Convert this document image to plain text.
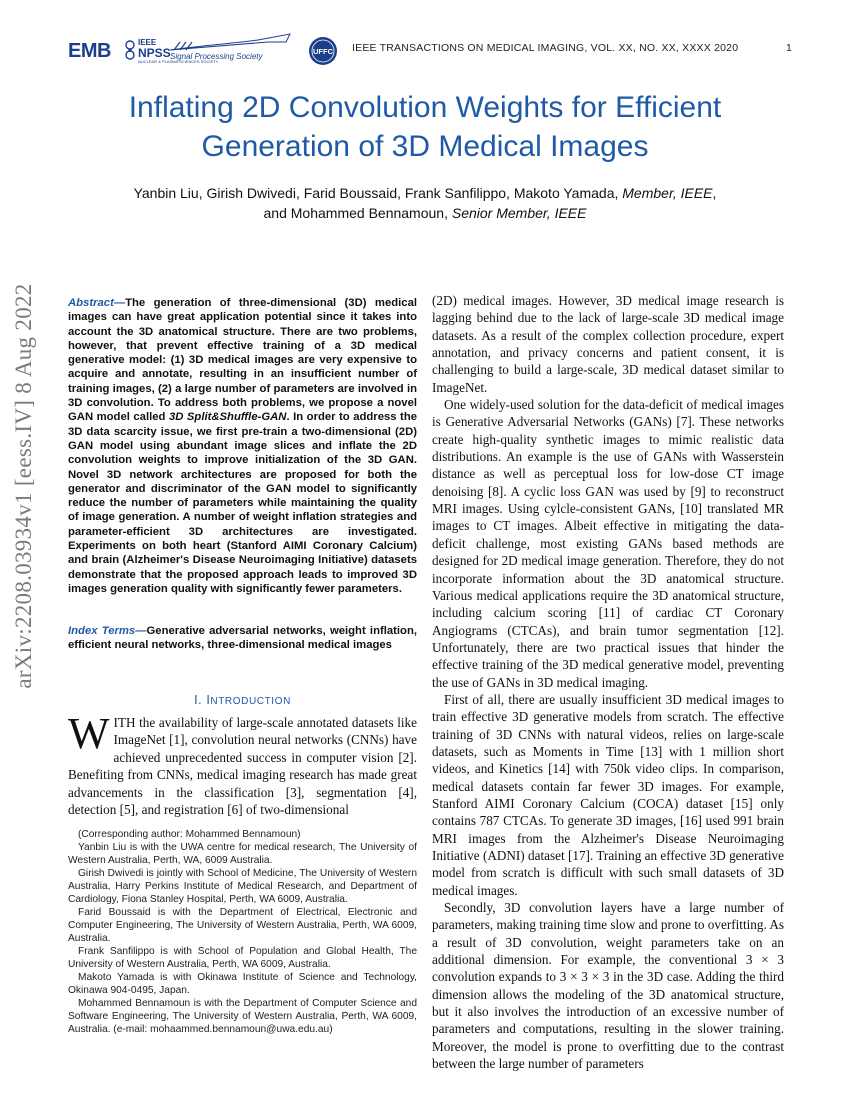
EMB	IEEE
NPSS
NUCLEAR & PLASMA SCIENCES SOCIETY
Signal Processing Society
UFFC IEEE TRANSACTIONS ON MEDICAL IMAGING, VOL. XX, NO. XX, XXXX 2020	1
Inflating 2D Convolution Weights for Efficient
Generation of 3D Medical Images
Yanbin Liu, Girish Dwivedi, Farid Boussaid, Frank Sanfilippo, Makoto Yamada, Member, IEEE,
and Mohammed Bennamoun, Senior Member, IEEE
arXiv:2208.03934v1 [eess.IV] 8 Aug 2022	Abstract—The generation of three-dimensional (3D) medical images can have great application potential since it takes into account the 3D anatomical structure. There are two problems, however, that prevent effective training of a 3D medical generative model: (1) 3D medical images are very expensive to acquire and annotate, resulting in an insufficient number of training images, (2) a large number of parameters are involved in 3D convolution. To address both problems, we propose a novel GAN model called 3D Split&Shuffle-GAN. In order to address the 3D data scarcity issue, we first pre-train a two-dimensional (2D) GAN model using abundant image slices and inflate the 2D convolution weights to improve initialization of the 3D GAN. Novel 3D network architectures are proposed for both the generator and discriminator of the GAN model to significantly reduce the number of parameters while maintaining the quality of image generation. A number of weight inflation strategies and parameter-efficient 3D architectures are investigated. Experiments on both heart (Stanford AIMI Coronary Calcium) and brain (Alzheimer's Disease Neuroimaging Initiative) datasets demonstrate that the proposed approach leads to improved 3D images generation quality with significantly fewer parameters.
Index Terms—Generative adversarial networks, weight inflation, efficient neural networks, three-dimensional medical images
I. INTRODUCTION
WITH the availability of large-scale annotated datasets like ImageNet [1], convolution neural networks (CNNs) have achieved unprecedented success in computer vision [2]. Benefiting from CNNs, medical imaging research has made great advancements in the classification [3], segmentation [4], detection [5], and registration [6] of two-dimensional

(Corresponding author: Mohammed Bennamoun)

Yanbin Liu is with the UWA centre for medical research, The University of Western Australia, Perth, WA, 6009 Australia.

Girish Dwivedi is jointly with School of Medicine, The University of Western Australia, Harry Perkins Institute of Medical Research, and Department of Cardiology, Fiona Stanley Hospital, Perth, WA 6009, Australia.

Farid Boussaid is with the Department of Electrical, Electronic and Computer Engineering, The University of Western Australia, Perth, WA 6009, Australia.

Frank Sanfilippo is with School of Population and Global Health, The University of Western Australia, Perth, WA 6009, Australia.

Makoto Yamada is with Okinawa Institute of Science and Technology, Okinawa 904-0495, Japan.

Mohammed Bennamoun is with the Department of Computer Science and Software Engineering, The University of Western Australia, Perth, WA 6009, Australia. (e-mail: mohaammed.bennamoun@uwa.edu.au)

(2D) medical images. However, 3D medical image research is lagging behind due to the lack of large-scale 3D medical image datasets. As a result of the complex collection procedure, expert annotation, and privacy concerns and patient consent, it is challenging to build a large-scale, 3D medical dataset similar to ImageNet.

One widely-used solution for the data-deficit of medical images is Generative Adversarial Networks (GANs) [7]. These networks create high-quality synthetic images to mimic realistic data distributions. An example is the use of GANs with Wasserstein distance as well as perceptual loss for low-dose CT image denoising [8]. A cyclic loss GAN was used by [9] to reconstruct MRI images. Using cylcle-consistent GANs, [10] translated MR images to CT images. Albeit effective in mitigating the data-deficit challenge, most existing GANs based methods are designed for 2D medical image generation. Therefore, they do not incorporate information about the 3D anatomical structure. Various medical applications require the 3D anatomical structure, including calcium scoring [11] of cardiac CT Coronary Angiograms (CTCAs), and brain tumor segmentation [12]. Unfortunately, there are two practical issues that hinder the effective training of the 3D medical generative model, preventing the use of GANs in 3D medical imaging.

First of all, there are usually insufficient 3D medical images to train effective 3D generative models from scratch. The effective training of 3D CNNs with natural videos, relies on large-scale datasets, such as Moments in Time [13] with 1 million short videos, and Kinetics [14] with 750k video clips. In comparison, medical datasets contain far fewer 3D images. For example, Stanford AIMI Coronary Calcium (COCA) dataset [15] only contains 787 CTCAs. To generate 3D images, [16] used 991 brain MRI images from the Alzheimer's Disease Neuroimaging Initiative (ADNI) dataset [17]. Training an effective 3D generative model from scratch is difficult with such small datasets of 3D medical images.

Secondly, 3D convolution layers have a large number of parameters, making training time slow and prone to overfitting. As a result of 3D convolution, weight parameters take on an additional dimension. For example, the conventional 3 × 3 convolution expands to 3 × 3 × 3 in the 3D case. Adding the third dimension allows the modeling of the 3D anatomical structure, but it also involves the introduction of an excessive number of parameters and computations, resulting in the slower training. Moreover, the model is prone to overfitting due to the contrast between the large number of parameters
